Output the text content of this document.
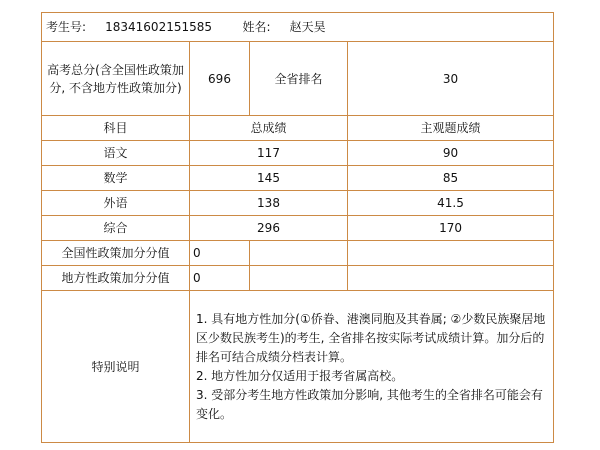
考生号: 18341602151585 姓名: 赵天昊			
高考总分(含全国性政策加分, 不含地方性政策加分)	696	全省排名	30
科目	总成绩		主观题成绩
语文	117		90
数学	145		85
外语	138		41.5
综合	296		170
全国性政策加分分值	0		
地方性政策加分分值	0		
特别说明	1. 具有地方性加分(①侨眷、港澳同胞及其眷属; ②少数民族聚居地区少数民族考生)的考生, 全省排名按实际考试成绩计算。加分后的排名可结合成绩分档表计算。

2. 地方性加分仅适用于报考省属高校。

3. 受部分考生地方性政策加分影响, 其他考生的全省排名可能会有变化。		
